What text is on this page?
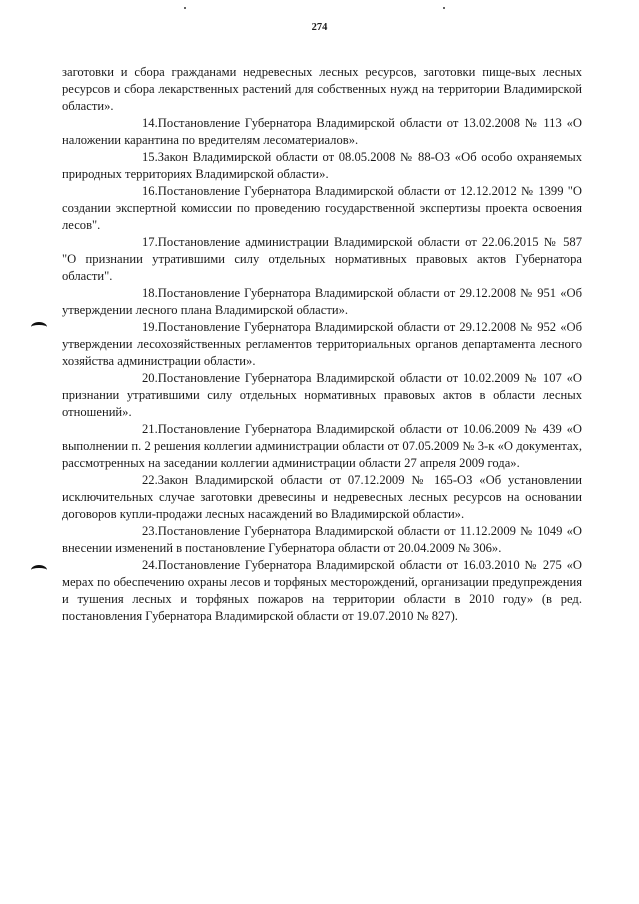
274

заготовки и сбора гражданами недревесных лесных ресурсов, заготовки пище-вых лесных ресурсов и сбора лекарственных растений для собственных нужд на территории Владимирской области».

14.Постановление Губернатора Владимирской области от 13.02.2008 № 113 «О наложении карантина по вредителям лесоматериалов».

15.Закон Владимирской области от 08.05.2008 № 88-ОЗ «Об особо охраняемых природных территориях Владимирской области».

16.Постановление Губернатора Владимирской области от 12.12.2012 № 1399 "О создании экспертной комиссии по проведению государственной экспертизы проекта освоения лесов".

17.Постановление администрации Владимирской области от 22.06.2015 № 587 "О признании утратившими силу отдельных нормативных правовых актов Губернатора области".

18.Постановление Губернатора Владимирской области от 29.12.2008 № 951 «Об утверждении лесного плана Владимирской области».

19.Постановление Губернатора Владимирской области от 29.12.2008 № 952 «Об утверждении лесохозяйственных регламентов территориальных органов департамента лесного хозяйства администрации области».

20.Постановление Губернатора Владимирской области от 10.02.2009 № 107 «О признании утратившими силу отдельных нормативных правовых актов в области лесных отношений».

21.Постановление Губернатора Владимирской области от 10.06.2009 № 439 «О выполнении п. 2 решения коллегии администрации области от 07.05.2009 № 3-к «О документах, рассмотренных на заседании коллегии администрации области 27 апреля 2009 года».

22.Закон Владимирской области от 07.12.2009 № 165-ОЗ «Об установлении исключительных случае заготовки древесины и недревесных лесных ресурсов на основании договоров купли-продажи лесных насаждений во Владимирской области».

23.Постановление Губернатора Владимирской области от 11.12.2009 № 1049 «О внесении изменений в постановление Губернатора области от 20.04.2009 № 306».

24.Постановление Губернатора Владимирской области от 16.03.2010 № 275 «О мерах по обеспечению охраны лесов и торфяных месторождений, организации предупреждения и тушения лесных и торфяных пожаров на территории области в 2010 году» (в ред. постановления Губернатора Владимирской области от 19.07.2010 № 827).
